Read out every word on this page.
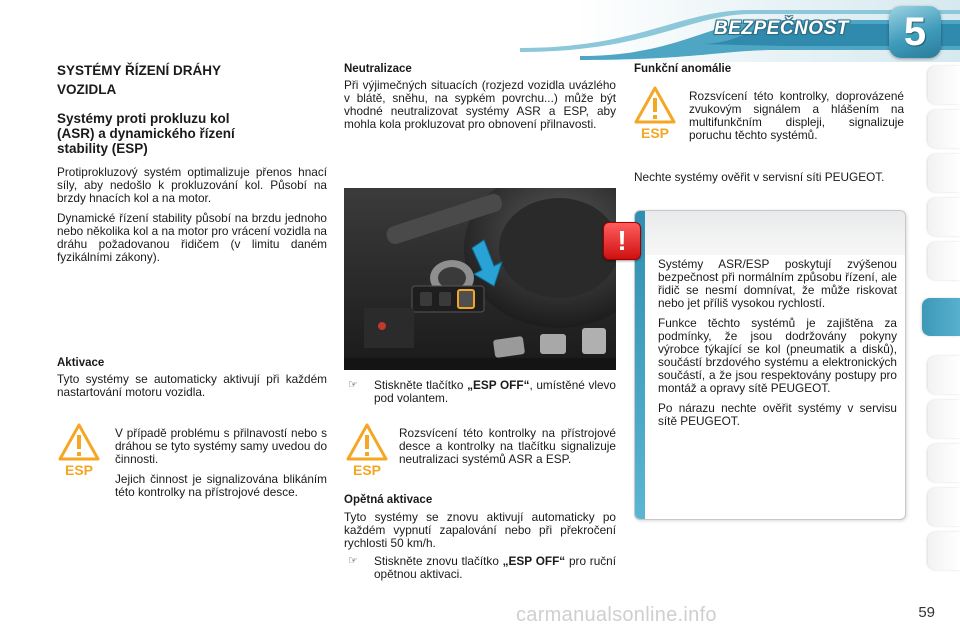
BEZPEČNOST	5
SYSTÉMY ŘÍZENÍ DRÁHY
VOZIDLA
Systémy proti prokluzu kol
(ASR) a dynamického řízení
stability (ESP)

Protiprokluzový systém optimalizuje přenos hnací síly, aby nedošlo k prokluzování kol. Působí na brzdy hnacích kol a na motor.

Dynamické řízení stability působí na brzdu jednoho nebo několika kol a na motor pro vrácení vozidla na dráhu požadovanou řidičem (v limitu daném fyzikálními zákony).

Aktivace

Tyto systémy se automaticky aktivují při každém nastartování motoru vozidla.

ESP

V případě problému s přilnavostí nebo s dráhou se tyto systémy samy uvedou do činnosti.

Jejich činnost je signalizována blikáním této kontrolky na přístrojové desce.

Neutralizace

Při výjimečných situacích (rozjezd vozidla uvázlého v blátě, sněhu, na sypkém povrchu...) může být vhodné neutralizovat systémy ASR a ESP, aby mohla kola prokluzovat pro obnovení přilnavosti.

☞	Stiskněte tlačítko „ESP OFF“, umístěné vlevo pod volantem.
ESP

Rozsvícení této kontrolky na přístrojové desce a kontrolky na tlačítku signalizuje neutralizaci systémů ASR a ESP.

Opětná aktivace

Tyto systémy se znovu aktivují automaticky po každém vypnutí zapalování nebo při překročení rychlosti 50 km/h.

☞	Stiskněte znovu tlačítko „ESP OFF“ pro ruční opětnou aktivaci.
Funkční anomálie
ESP

Rozsvícení této kontrolky, doprovázené zvukovým signálem a hlášením na multifunkčním displeji, signalizuje poruchu těchto systémů.

Nechte systémy ověřit v servisní síti PEUGEOT.

Systémy ASR/ESP poskytují zvýšenou bezpečnost při normálním způsobu řízení, ale řidič se nesmí domnívat, že může riskovat nebo jet příliš vysokou rychlostí.

Funkce těchto systémů je zajištěna za podmínky, že jsou dodržovány pokyny výrobce týkající se kol (pneumatik a disků), součástí brzdového systému a elektronických součástí, a že jsou respektovány postupy pro montáž a opravy sítě PEUGEOT.

Po nárazu nechte ověřit systémy v servisu sítě PEUGEOT.

!
carmanualsonline.info	59
